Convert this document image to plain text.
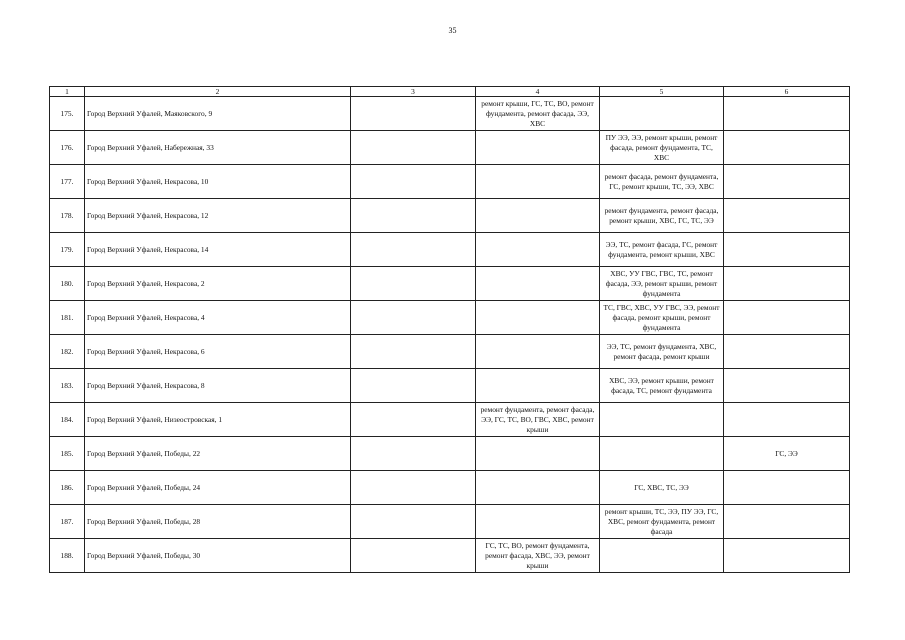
35
1	2	3	4	5	6
175.	Город Верхний Уфалей, Маяковского, 9		ремонт крыши, ГС, ТС, ВО, ремонт фундамента, ремонт фасада, ЭЭ, ХВС		
176.	Город Верхний Уфалей, Набережная, 33			ПУ ЭЭ, ЭЭ, ремонт крыши, ремонт фасада, ремонт фундамента, ТС, ХВС	
177.	Город Верхний Уфалей, Некрасова, 10			ремонт фасада, ремонт фундамента, ГС, ремонт крыши, ТС, ЭЭ, ХВС	
178.	Город Верхний Уфалей, Некрасова, 12			ремонт фундамента, ремонт фасада, ремонт крыши, ХВС, ГС, ТС, ЭЭ	
179.	Город Верхний Уфалей, Некрасова, 14			ЭЭ, ТС, ремонт фасада, ГС, ремонт фундамента, ремонт крыши, ХВС	
180.	Город Верхний Уфалей, Некрасова, 2			ХВС, УУ ГВС, ГВС, ТС, ремонт фасада, ЭЭ, ремонт крыши, ремонт фундамента	
181.	Город Верхний Уфалей, Некрасова, 4			ТС, ГВС, ХВС, УУ ГВС, ЭЭ, ремонт фасада, ремонт крыши, ремонт фундамента	
182.	Город Верхний Уфалей, Некрасова, 6			ЭЭ, ТС, ремонт фундамента, ХВС, ремонт фасада, ремонт крыши	
183.	Город Верхний Уфалей, Некрасова, 8			ХВС, ЭЭ, ремонт крыши, ремонт фасада, ТС, ремонт фундамента	
184.	Город Верхний Уфалей, Низеостровская, 1		ремонт фундамента, ремонт фасада, ЭЭ, ГС, ТС, ВО, ГВС, ХВС, ремонт крыши		
185.	Город Верхний Уфалей, Победы, 22				ГС, ЭЭ
186.	Город Верхний Уфалей, Победы, 24			ГС, ХВС, ТС, ЭЭ	
187.	Город Верхний Уфалей, Победы, 28			ремонт крыши, ТС, ЭЭ, ПУ ЭЭ, ГС, ХВС, ремонт фундамента, ремонт фасада	
188.	Город Верхний Уфалей, Победы, 30		ГС, ТС, ВО, ремонт фундамента, ремонт фасада, ХВС, ЭЭ, ремонт крыши		
